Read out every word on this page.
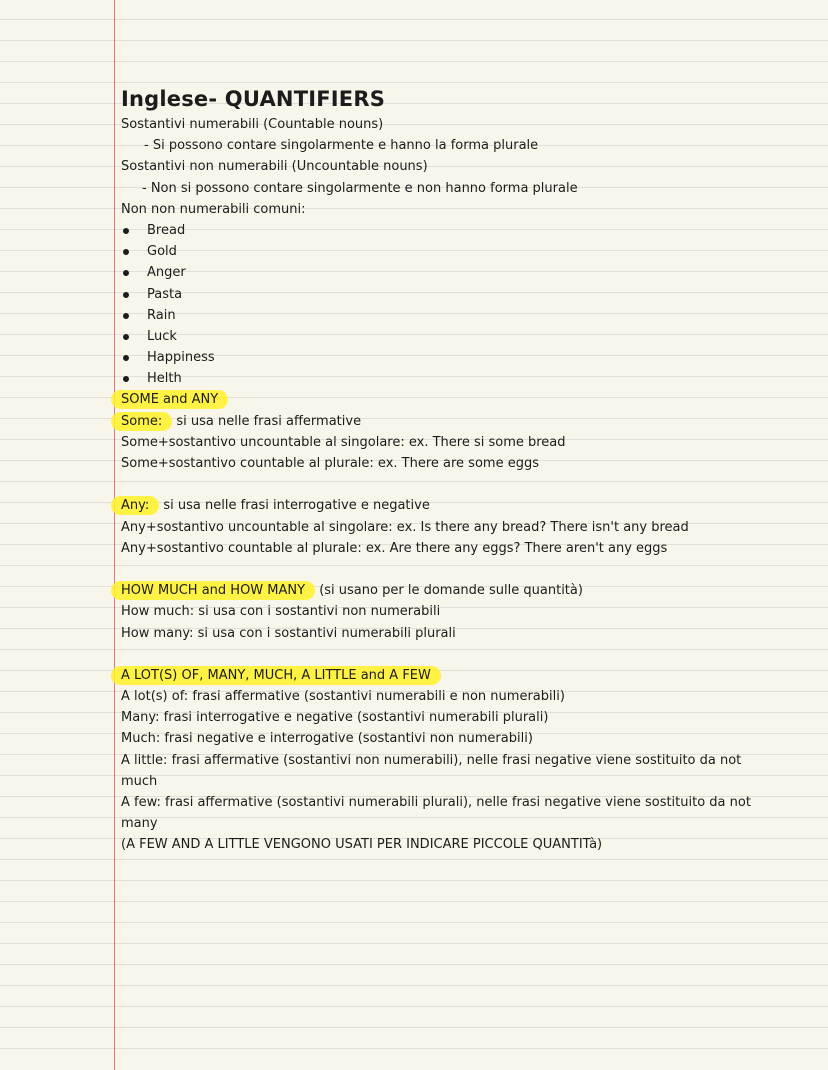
Inglese- QUANTIFIERS
Sostantivi numerabili (Countable nouns)
- Si possono contare singolarmente e hanno la forma plurale
Sostantivi non numerabili (Uncountable nouns)
- Non si possono contare singolarmente e non hanno forma plurale
Non non numerabili comuni:
Bread
Gold
Anger
Pasta
Rain
Luck
Happiness
Helth
SOME and ANY
Some: si usa nelle frasi affermative
Some+sostantivo uncountable al singolare: ex. There si some bread
Some+sostantivo countable al plurale: ex. There are some eggs
Any: si usa nelle frasi interrogative e negative
Any+sostantivo uncountable al singolare: ex. Is there any bread? There isn't any bread
Any+sostantivo countable al plurale: ex. Are there any eggs? There aren't any eggs
HOW MUCH and HOW MANY (si usano per le domande sulle quantità)
How much: si usa con i sostantivi non numerabili
How many: si usa con i sostantivi numerabili plurali
A LOT(S) OF, MANY, MUCH, A LITTLE and A FEW
A lot(s) of: frasi affermative (sostantivi numerabili e non numerabili)
Many: frasi interrogative e negative (sostantivi numerabili plurali)
Much: frasi negative e interrogative (sostantivi non numerabili)
A little: frasi affermative (sostantivi non numerabili), nelle frasi negative viene sostituito da not
much
A few: frasi affermative (sostantivi numerabili plurali), nelle frasi negative viene sostituito da not
many
(A FEW AND A LITTLE VENGONO USATI PER INDICARE PICCOLE QUANTITà)
